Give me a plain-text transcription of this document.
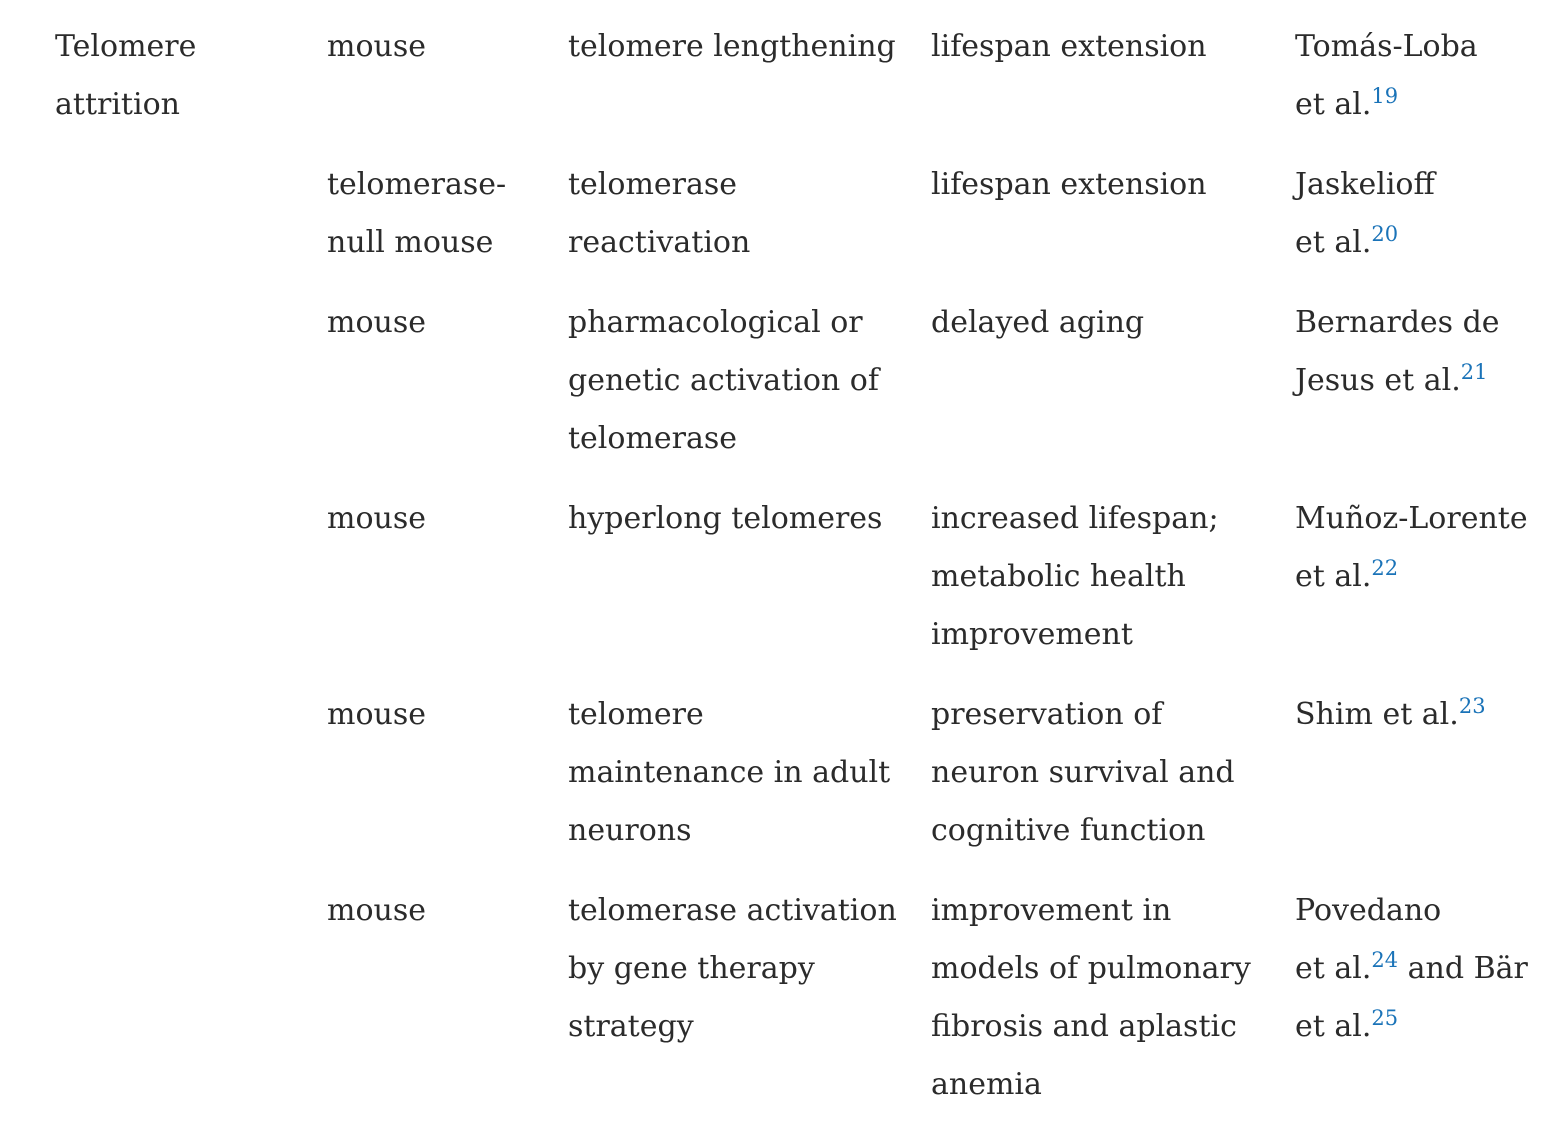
Telomere attrition	mouse	telomere lengthening	lifespan extension	Tomás-Loba et al.$^{19}$
	telomerase-null mouse	telomerase reactivation	lifespan extension	Jaskelioff et al.$^{20}$
	mouse	pharmacological or genetic activation of telomerase	delayed aging	Bernardes de Jesus et al.$^{21}$
	mouse	hyperlong telomeres	increased lifespan; metabolic health improvement	Muñoz-Lorente et al.$^{22}$
	mouse	telomere maintenance in adult neurons	preservation of neuron survival and cognitive function	Shim et al.$^{23}$
	mouse	telomerase activation by gene therapy strategy	improvement in models of pulmonary fibrosis and aplastic anemia	Povedano et al.$^{24}$ and Bär et al.$^{25}$
